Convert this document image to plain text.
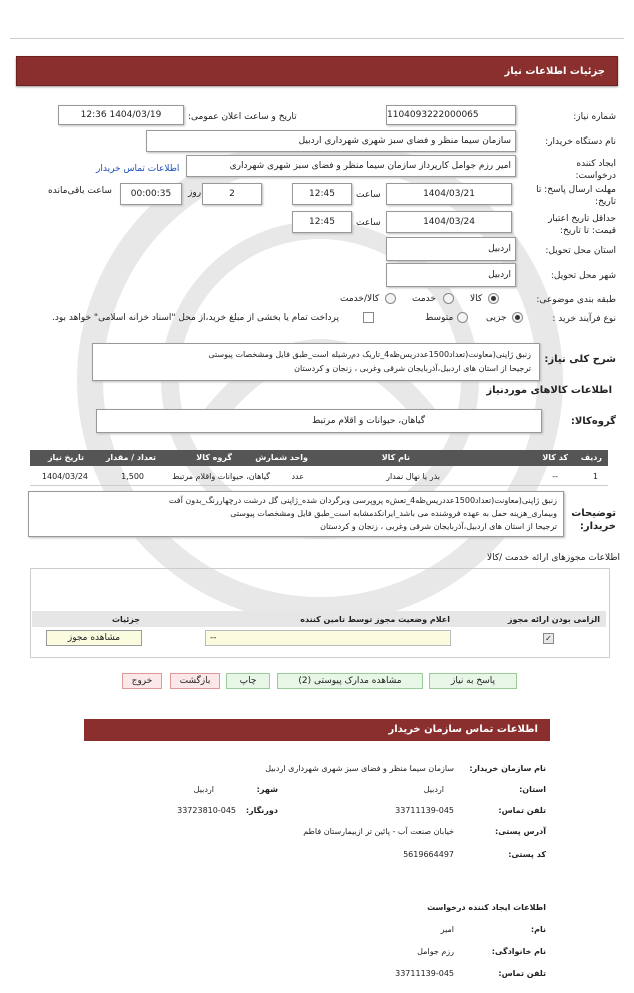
جزئیات اطلاعات نیاز
شماره نیاز:
1104093222000065
تاریخ و ساعت اعلان عمومی:
1404/03/19 12:36
نام دستگاه خریدار:
سازمان سیما منظر و فضای سبز شهری شهرداری اردبیل
ایجاد کننده درخواست:
امیر رزم جوامل کارپرداز سازمان سیما منظر و فضای سبز شهری شهرداری
اطلاعات تماس خریدار
مهلت ارسال پاسخ: تا تاریخ:
1404/03/21
ساعت
12:45
2
روز
00:00:35
ساعت باقی‌مانده
حداقل تاریخ اعتبار قیمت: تا تاریخ:
1404/03/24
ساعت
12:45
استان محل تحویل:
اردبیل
شهر محل تحویل:
اردبیل
طبقه بندی موضوعی:
کالا
خدمت
کالا/خدمت
نوع فرآیند خرید :
جزیی
متوسط
پرداخت تمام یا بخشی از مبلغ خرید،از محل "اسناد خزانه اسلامی" خواهد بود.
شرح کلی نیاز:
زنبق ژاپنی(معاونت(تعداد1500عددریس‌ظه4_تاریک دم‌رشیله است_طبق فایل ومشخصات پیوستی
ترجیحا از استان های اردبیل،آذربایجان شرقی وغربی ، زنجان و کردستان
اطلاعات کالاهای موردنیاز
گروه‌کالا:
گیاهان، حیوانات و اقلام مرتبط
ردیف
کد کالا
نام کالا
واحد شمارش
گروه کالا
تعداد / مقدار
تاریخ نیاز
1
--
بذر یا نهال نمدار
عدد
گیاهان، حیوانات واقلام مرتبط
1,500
1404/03/24
توضیحات خریدار:
زنبق ژاپنی(معاونت(تعداد1500عددریس‌ظه4_تعش‌ه پروپرسی وبرگردان شده_ژاپنی گل درشت درچهاررنگ_بدون آفت
وبیماری_هزینه حمل به عهده فروشنده می باشد_ایرانکدمشابه است_طبق فایل ومشخصات پیوستی
ترجیحا از استان های اردبیل،آذربایجان شرقی وغربی ، زنجان و کردستان
اطلاعات مجوزهای ارائه خدمت /کالا
الزامی بودن ارائه مجوز
اعلام وضعیت مجوز توسط تامین کننده
جزئیات
✓
--
مشاهده مجوز
پاسخ به نیاز
مشاهده مدارک پیوستی (2)
چاپ
بازگشت
خروج
اطلاعات تماس سازمان خریدار
نام سازمان خریدار:
سازمان سیما منظر و فضای سبز شهری شهرداری اردبیل
استان:
اردبیل
شهر:
اردبیل
تلفن تماس:
33711139-045
دورنگار:
33723810-045
آدرس پستی:
خیابان صنعت آب - پائین تر ازبیمارستان فاطم
کد پستی:
5619664497
اطلاعات ایجاد کننده درخواست
نام:
امیر
نام خانوادگی:
رزم جوامل
تلفن تماس:
33711139-045
